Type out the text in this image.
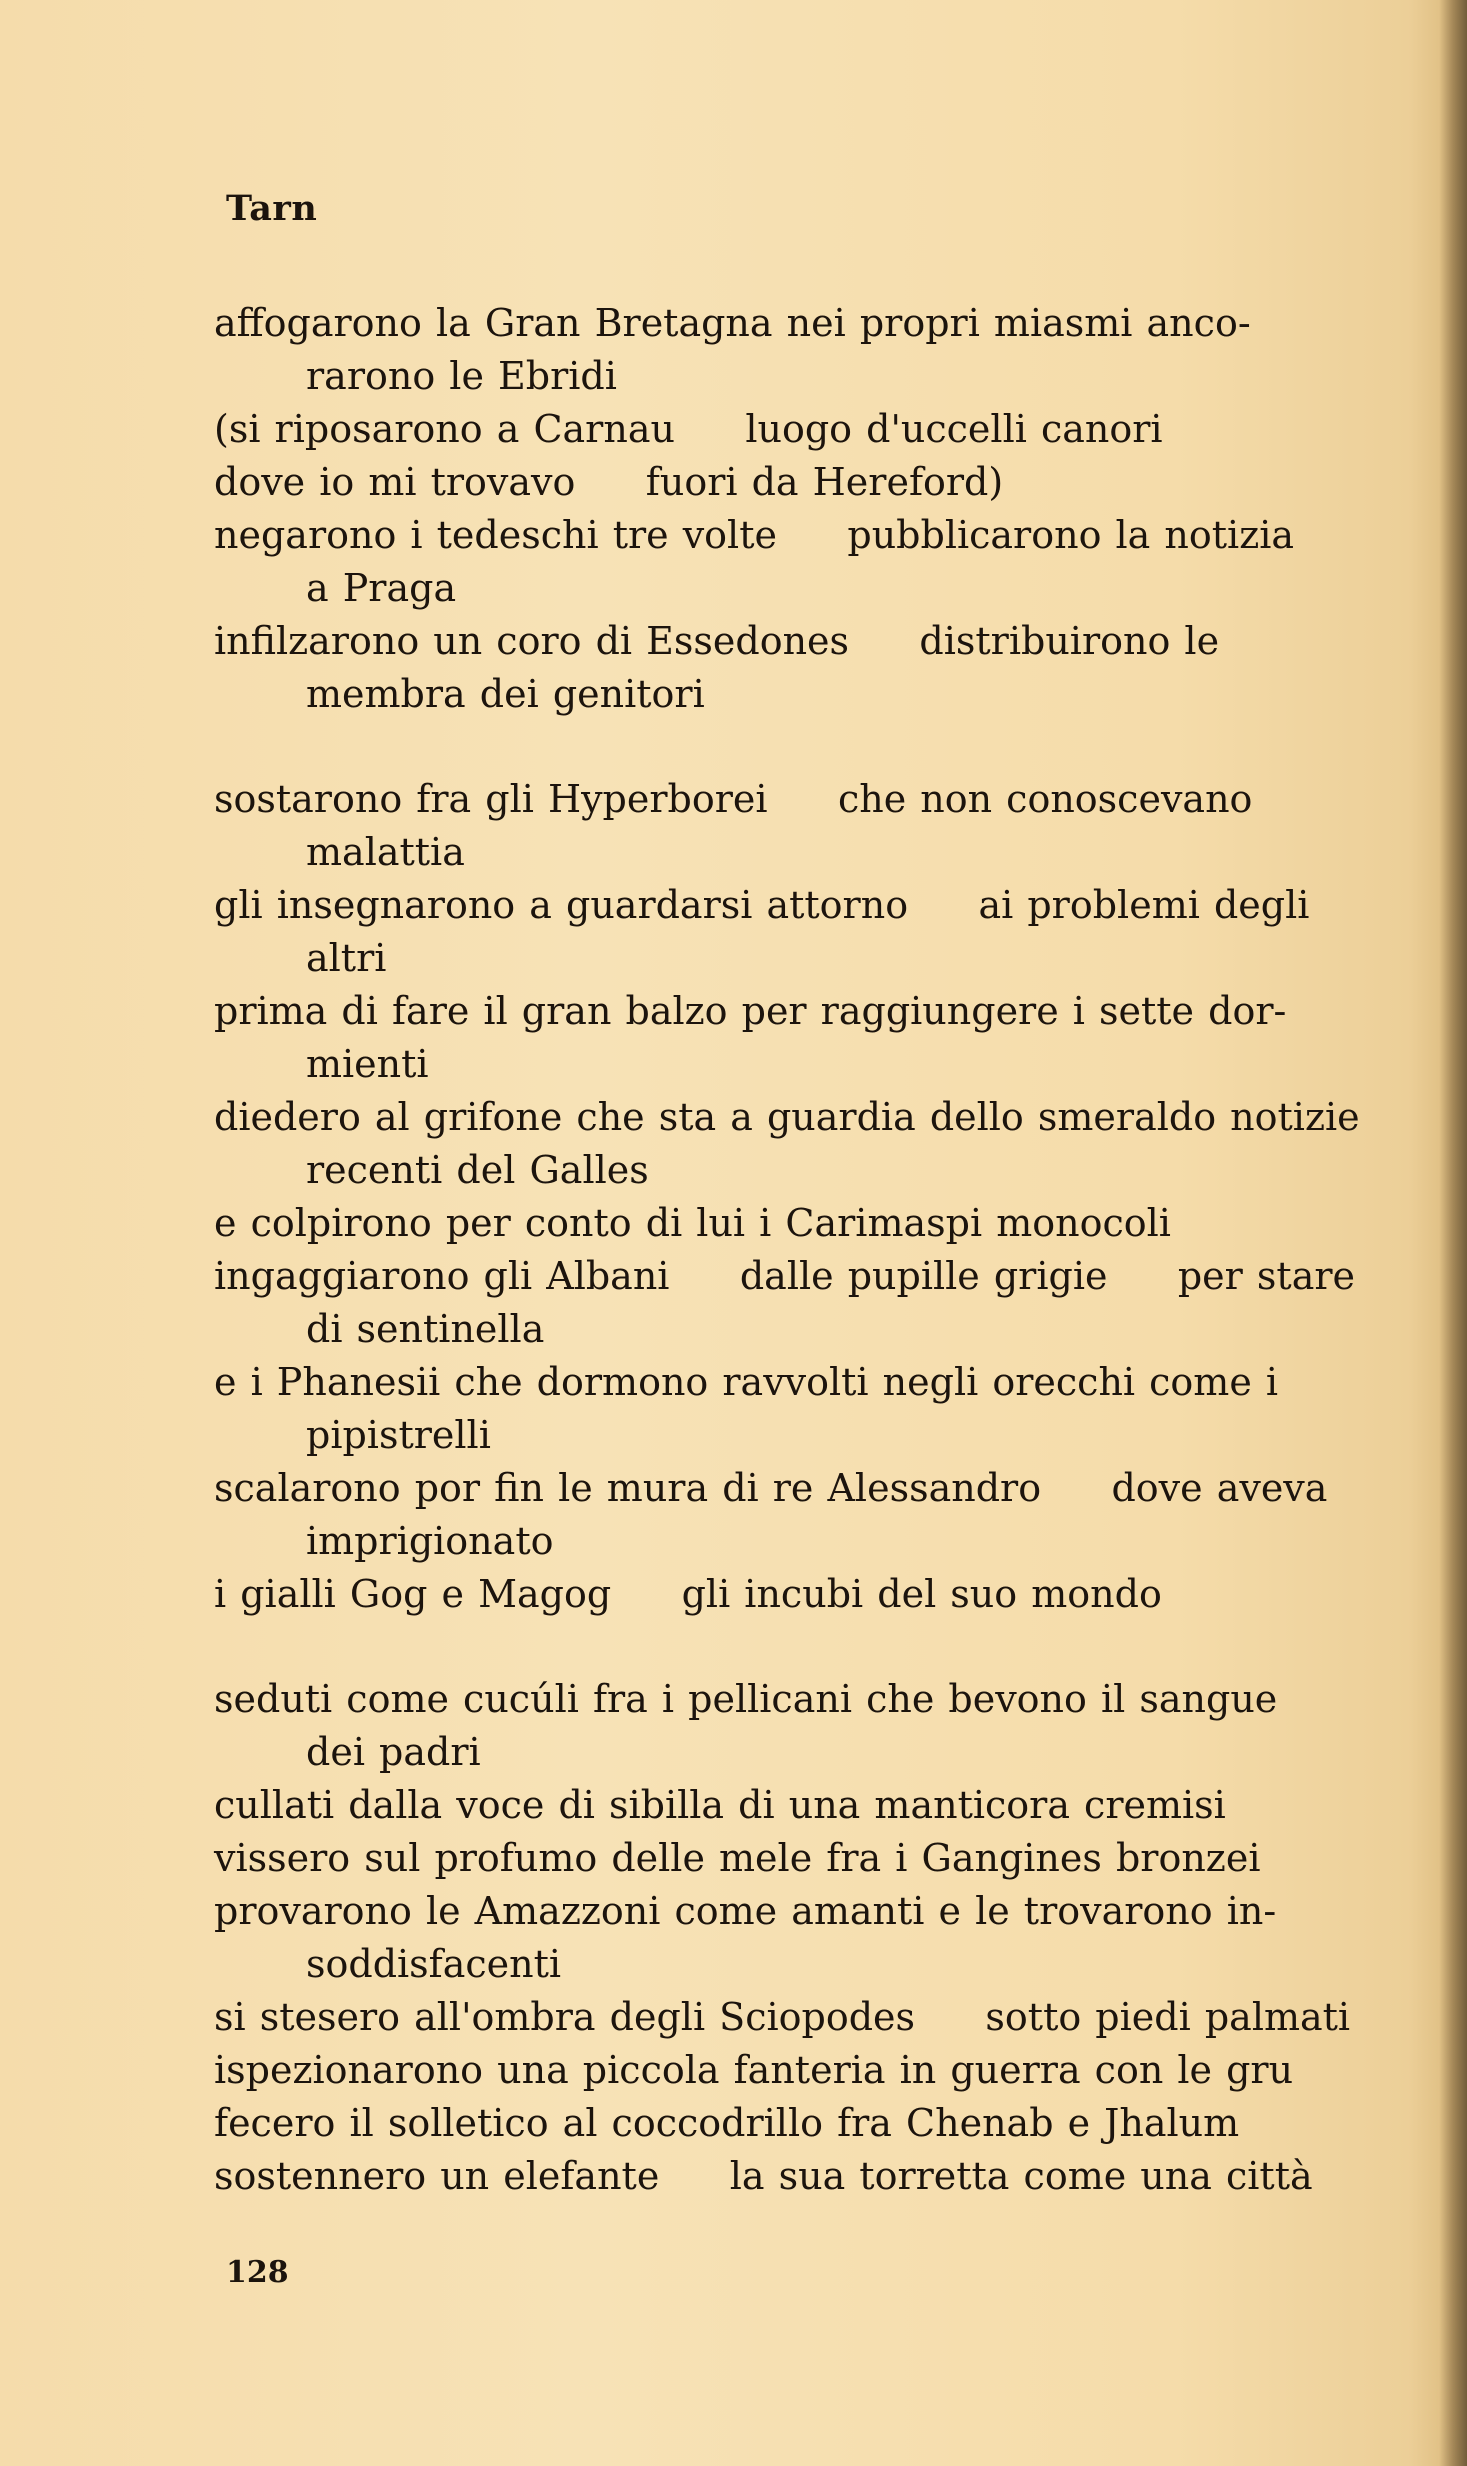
Tarn
affogarono la Gran Bretagna nei propri miasmi anco-
rarono le Ebridi
(si riposarono a Carnau     luogo d'uccelli canori
dove io mi trovavo     fuori da Hereford)
negarono i tedeschi tre volte     pubblicarono la notizia
a Praga
infilzarono un coro di Essedones     distribuirono le
membra dei genitori
sostarono fra gli Hyperborei     che non conoscevano
malattia
gli insegnarono a guardarsi attorno     ai problemi degli
altri
prima di fare il gran balzo per raggiungere i sette dor-
mienti
diedero al grifone che sta a guardia dello smeraldo notizie
recenti del Galles
e colpirono per conto di lui i Carimaspi monocoli
ingaggiarono gli Albani     dalle pupille grigie     per stare
di sentinella
e i Phanesii che dormono ravvolti negli orecchi come i
pipistrelli
scalarono por fin le mura di re Alessandro     dove aveva
imprigionato
i gialli Gog e Magog     gli incubi del suo mondo
seduti come cucúli fra i pellicani che bevono il sangue
dei padri
cullati dalla voce di sibilla di una manticora cremisi
vissero sul profumo delle mele fra i Gangines bronzei
provarono le Amazzoni come amanti e le trovarono in-
soddisfacenti
si stesero all'ombra degli Sciopodes     sotto piedi palmati
ispezionarono una piccola fanteria in guerra con le gru
fecero il solletico al coccodrillo fra Chenab e Jhalum
sostennero un elefante     la sua torretta come una città
128
